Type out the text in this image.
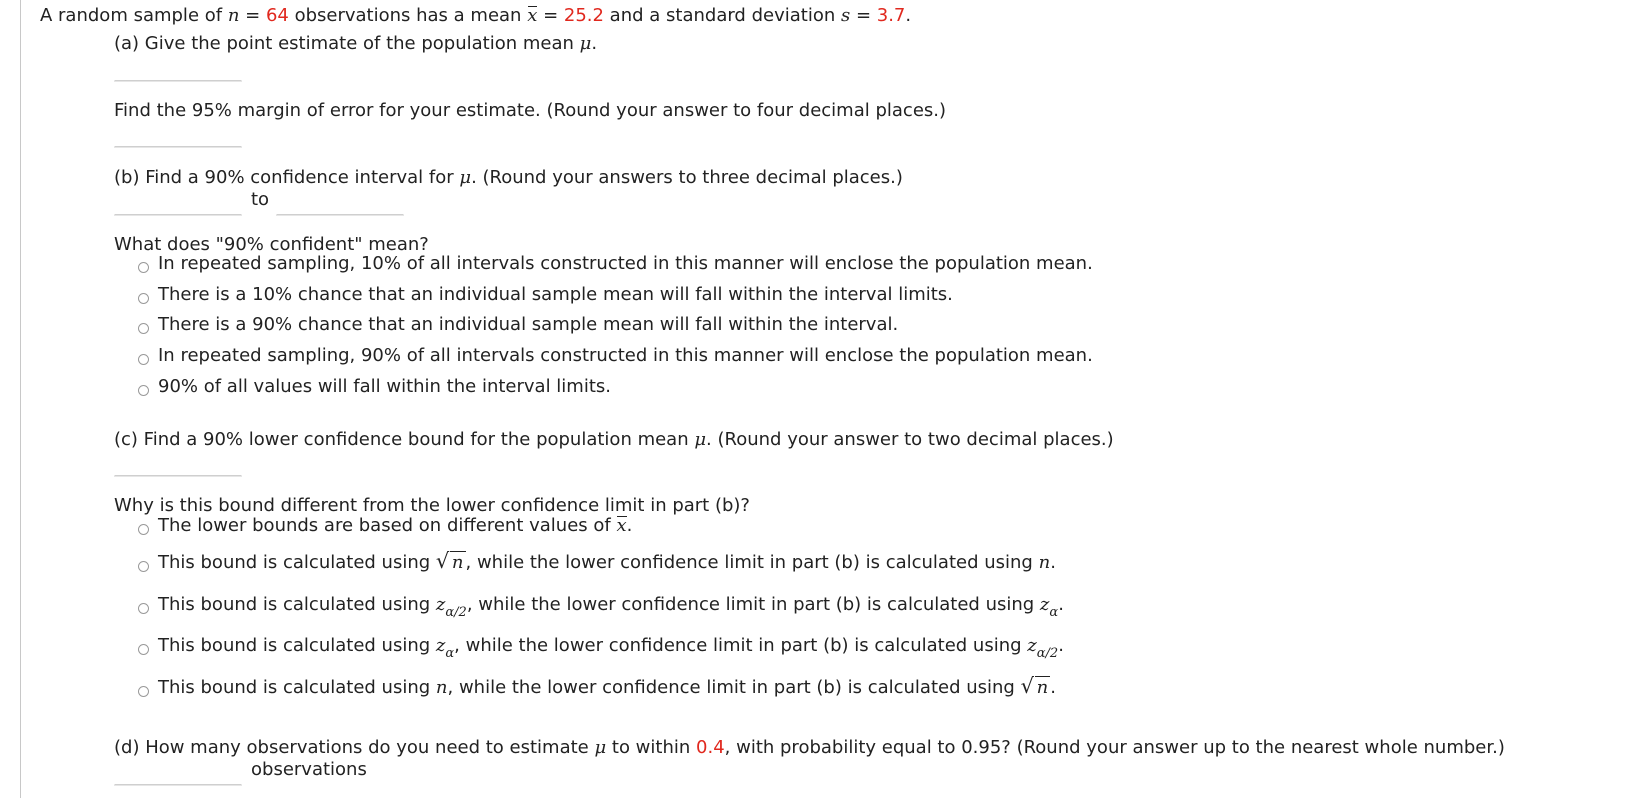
A random sample of n = 64 observations has a mean x = 25.2 and a standard deviation s = 3.7.
(a) Give the point estimate of the population mean μ.
Find the 95% margin of error for your estimate. (Round your answer to four decimal places.)
(b) Find a 90% confidence interval for μ. (Round your answers to three decimal places.)
to
What does "90% confident" mean?
In repeated sampling, 10% of all intervals constructed in this manner will enclose the population mean.
There is a 10% chance that an individual sample mean will fall within the interval limits.
There is a 90% chance that an individual sample mean will fall within the interval.
In repeated sampling, 90% of all intervals constructed in this manner will enclose the population mean.
90% of all values will fall within the interval limits.
(c) Find a 90% lower confidence bound for the population mean μ. (Round your answer to two decimal places.)
Why is this bound different from the lower confidence limit in part (b)?
The lower bounds are based on different values of x.
This bound is calculated using √ n , while the lower confidence limit in part (b) is calculated using n.
This bound is calculated using $z_{\alpha/2}$, while the lower confidence limit in part (b) is calculated using $z_\alpha$.
This bound is calculated using $z_\alpha$, while the lower confidence limit in part (b) is calculated using $z_{\alpha/2}$.
This bound is calculated using n, while the lower confidence limit in part (b) is calculated using √ n .
(d) How many observations do you need to estimate μ to within 0.4, with probability equal to 0.95? (Round your answer up to the nearest whole number.)
observations
